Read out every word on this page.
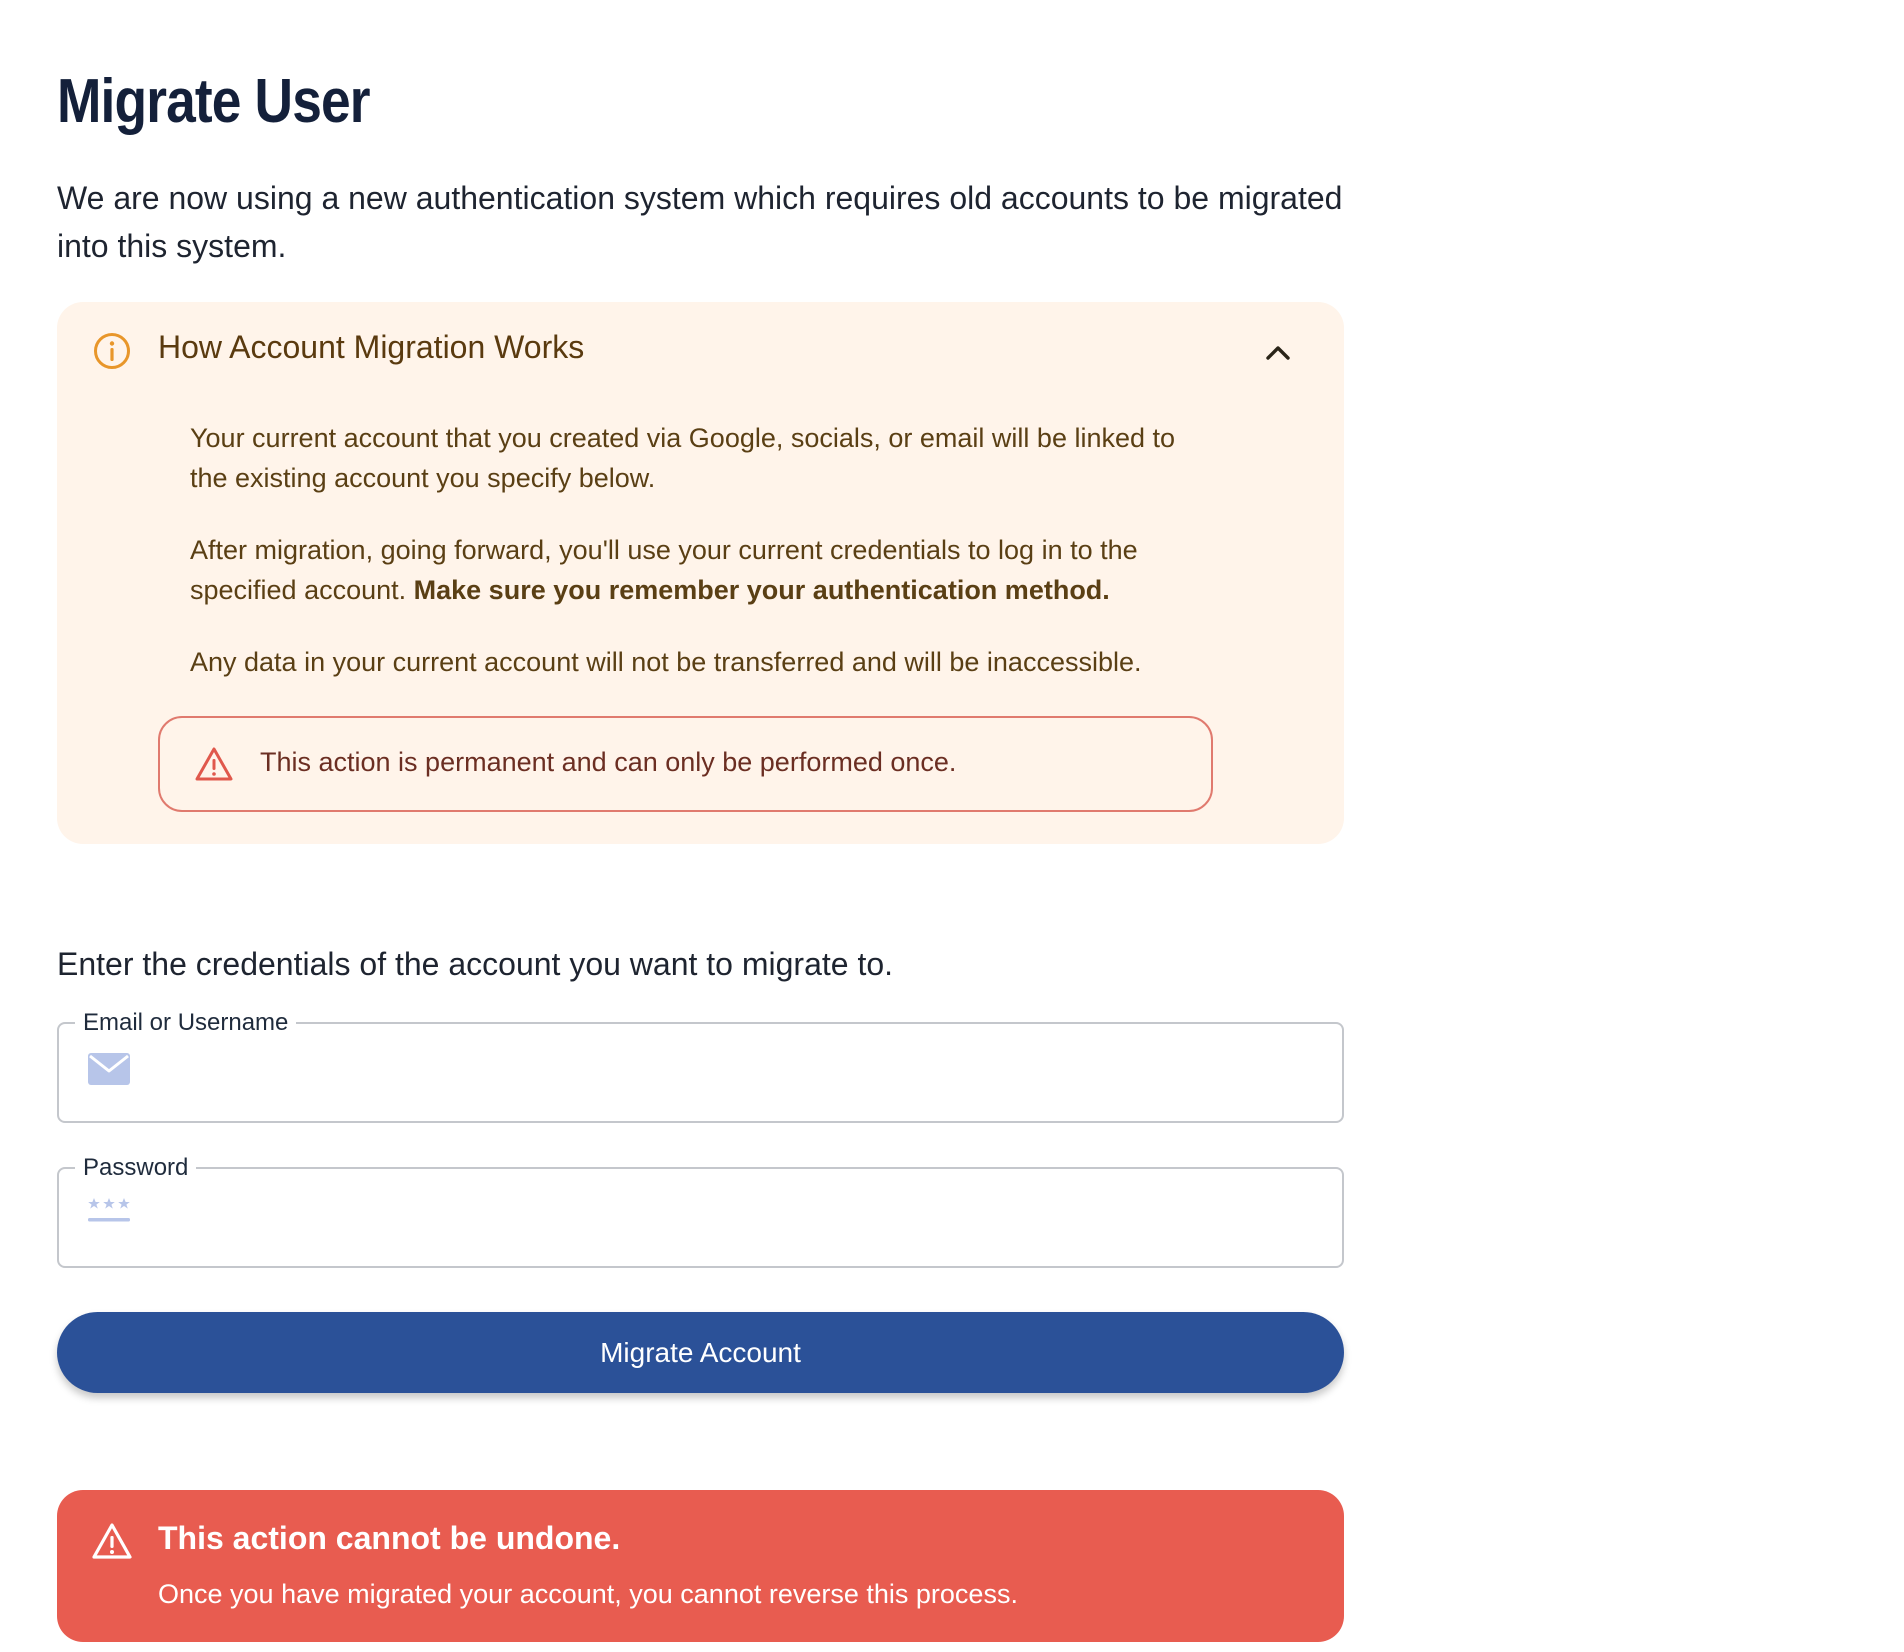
Migrate User

We are now using a new authentication system which requires old accounts to be migrated into this system.

How Account Migration Works

Your current account that you created via Google, socials, or email will be linked to the existing account you specify below.

After migration, going forward, you'll use your current credentials to log in to the specified account. Make sure you remember your authentication method.

Any data in your current account will not be transferred and will be inaccessible.

This action is permanent and can only be performed once.

Enter the credentials of the account you want to migrate to.

Email or Username
Password
Migrate Account
This action cannot be undone.
Once you have migrated your account, you cannot reverse this process.
